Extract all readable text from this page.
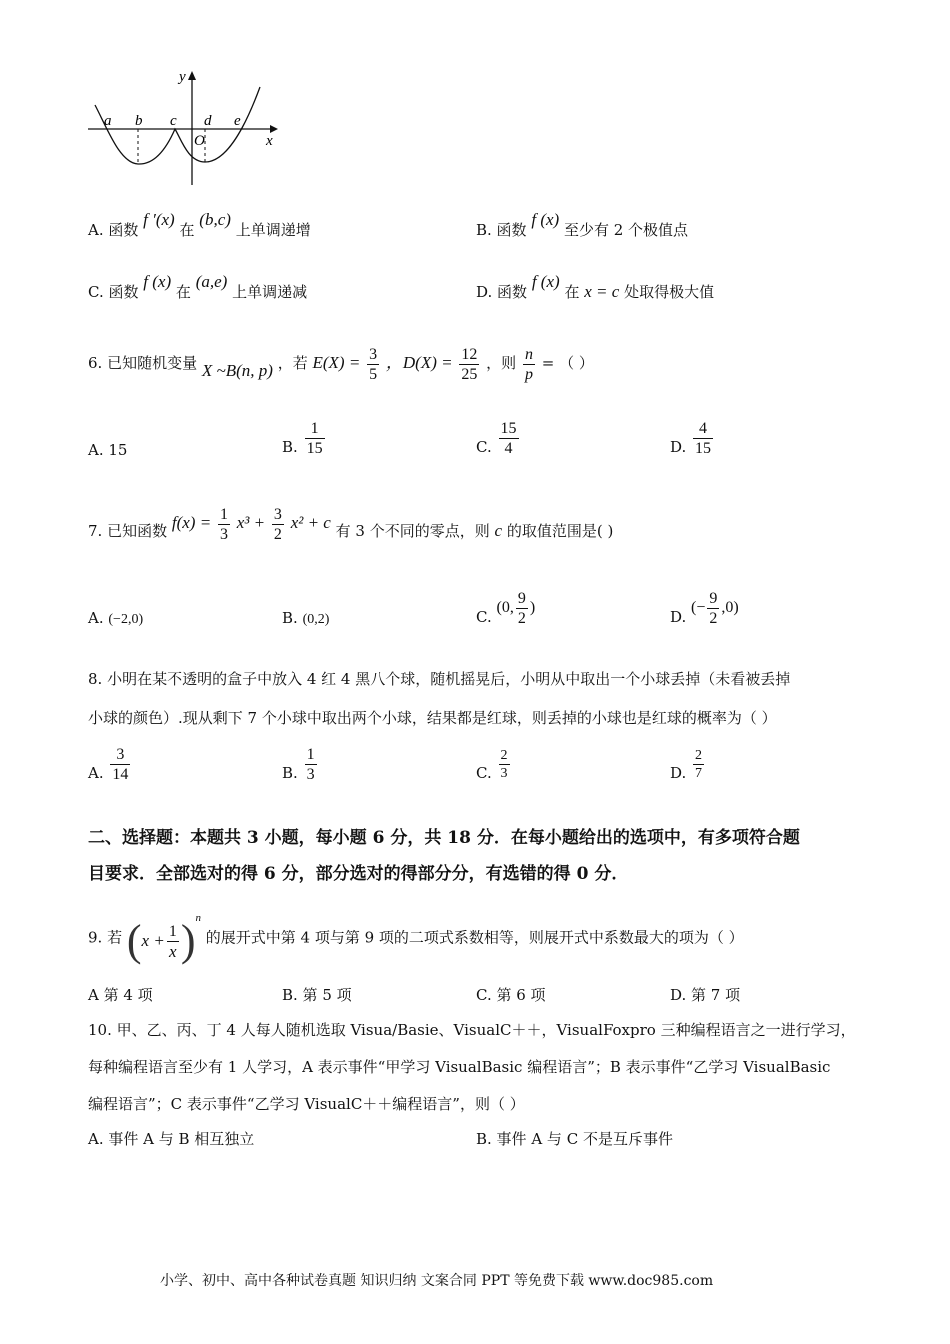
y
x
O
a b c d e
A. 函数 f ′(x) 在 (b,c) 上单调递增	B. 函数 f (x) 至少有 2 个极值点
C. 函数 f (x) 在 (a,e) 上单调递减	D. 函数 f (x) 在 x = c 处取得极大值
6. 已知随机变量 X ~B(n, p) ，若 $E(X) = \frac{3}{5}$ ，$D(X) = \frac{12}{25}$ ，则 $\frac{n}{p}$ = （ ）
A. 15	B. $\frac{1}{15}$	C. $\frac{15}{4}$	D. $\frac{4}{15}$
7. 已知函数 $f(x) = \frac{1}{3} x^3 + \frac{3}{2} x^2 + c$ 有 3 个不同的零点，则 c 的取值范围是( )
A. (−2,0)	B. (0,2)	C. (0, $\frac{9}{2}$ )
D. (− $\frac{9}{2} ,0$)
8. 小明在某不透明的盒子中放入 4 红 4 黑八个球，随机摇晃后，小明从中取出一个小球丢掉（未看被丢掉
小球的颜色）.现从剩下 7 个小球中取出两个小球，结果都是红球，则丢掉的小球也是红球的概率为（ ）
A. $\frac{3}{14}$	B. $\frac{1}{3}$	C. $\frac{2}{3}$	D. $\frac{2}{7}$
二、选择题：本题共 3 小题，每小题 6 分，共 18 分．在每小题给出的选项中，有多项符合题
目要求．全部选对的得 6 分，部分选对的得部分分，有选错的得 0 分．
9. 若 $(x + \frac{1}{x} )^n$ 的展开式中第 4 项与第 9 项的二项式系数相等，则展开式中系数最大的项为（ ）
A 第 4 项	B. 第 5 项	C. 第 6 项	D. 第 7 项
10. 甲、乙、丙、丁 4 人每人随机选取 Visua/Basie、VisualC＋＋，VisualFoxpro 三种编程语言之一进行学习，
每种编程语言至少有 1 人学习，A 表示事件“甲学习 VisualBasic 编程语言”；B 表示事件“乙学习 VisualBasic
编程语言”；C 表示事件“乙学习 VisualC＋＋编程语言”，则（ ）
A. 事件 A 与 B 相互独立	B. 事件 A 与 C 不是互斥事件
小学、初中、高中各种试卷真题 知识归纳 文案合同 PPT 等免费下载 www.doc985.com
